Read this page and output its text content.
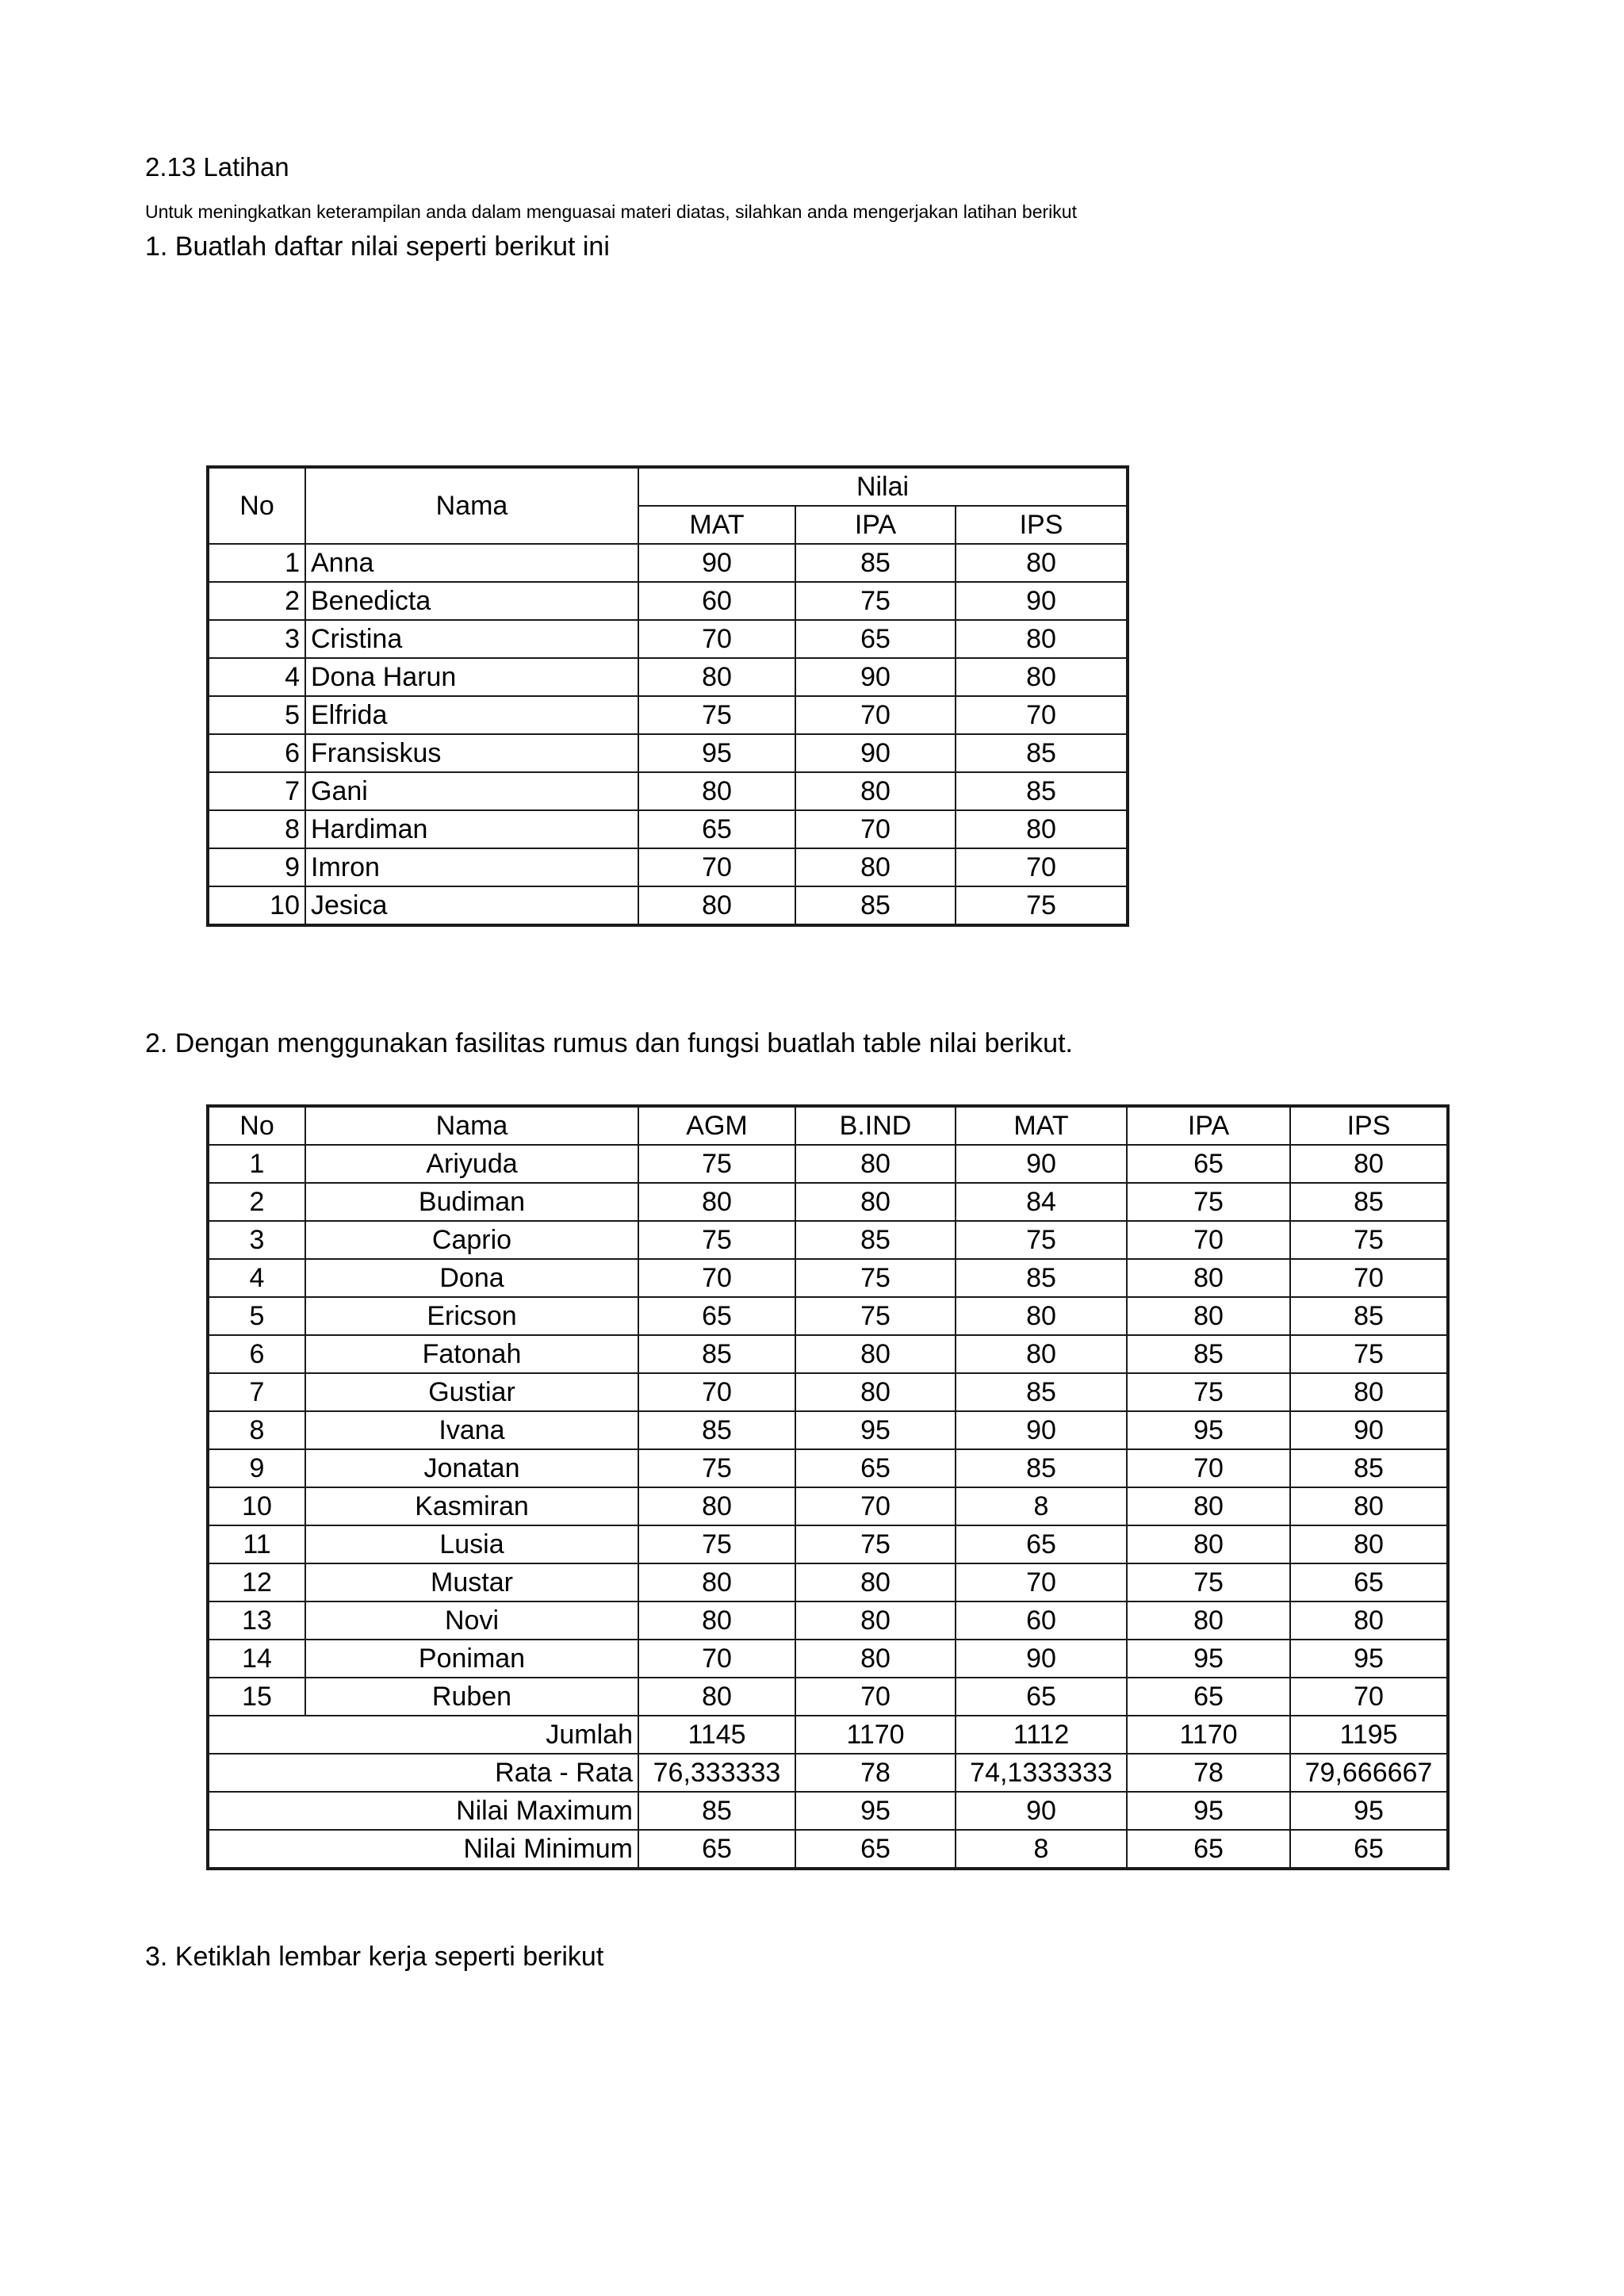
2.13 Latihan
Untuk meningkatkan keterampilan anda dalam menguasai materi diatas, silahkan anda mengerjakan latihan berikut
1. Buatlah daftar nilai seperti berikut ini
No	Nama	Nilai		
		MAT	IPA	IPS
1	Anna	90	85	80
2	Benedicta	60	75	90
3	Cristina	70	65	80
4	Dona Harun	80	90	80
5	Elfrida	75	70	70
6	Fransiskus	95	90	85
7	Gani	80	80	85
8	Hardiman	65	70	80
9	Imron	70	80	70
10	Jesica	80	85	75
2. Dengan menggunakan fasilitas rumus dan fungsi buatlah table nilai berikut.
No	Nama	AGM	B.IND	MAT	IPA	IPS
1	Ariyuda	75	80	90	65	80
2	Budiman	80	80	84	75	85
3	Caprio	75	85	75	70	75
4	Dona	70	75	85	80	70
5	Ericson	65	75	80	80	85
6	Fatonah	85	80	80	85	75
7	Gustiar	70	80	85	75	80
8	Ivana	85	95	90	95	90
9	Jonatan	75	65	85	70	85
10	Kasmiran	80	70	8	80	80
11	Lusia	75	75	65	80	80
12	Mustar	80	80	70	75	65
13	Novi	80	80	60	80	80
14	Poniman	70	80	90	95	95
15	Ruben	80	70	65	65	70
Jumlah		1145	1170	1112	1170	1195
Rata - Rata		76,333333	78	74,1333333	78	79,666667
Nilai Maximum		85	95	90	95	95
Nilai Minimum		65	65	8	65	65
3. Ketiklah lembar kerja seperti berikut
